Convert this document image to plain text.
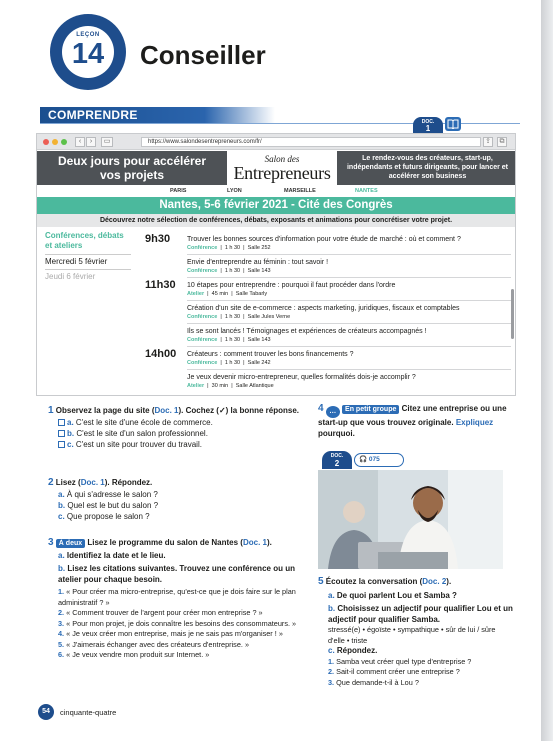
LEÇON
14	Conseiller
COMPRENDRE	DOC.
1
‹	›	▭	https://www.salondesentrepreneurs.com/fr/	⇪	⧉
Deux jours pour accélérer vos projets
Salon des
Entrepreneurs
Le rendez-vous des créateurs, start-up, indépendants et futurs dirigeants, pour lancer et accélérer son business
PARIS	LYON	MARSEILLE	NANTES
Nantes, 5-6 février 2021 - Cité des Congrès
Découvrez notre sélection de conférences, débats, exposants et animations pour concrétiser votre projet.
Conférences, débats et ateliers
Mercredi 5 février
Jeudi 6 février
9h30 Trouver les bonnes sources d'information pour votre étude de marché : où et comment ?
Conférence  |  1 h 30  |  Salle 252
Envie d'entreprendre au féminin : tout savoir !
Conférence  |  1 h 30  |  Salle 143
11h30 10 étapes pour entreprendre : pourquoi il faut procéder dans l'ordre
Atelier  |  45 min  |  Salle Tabarly
Création d'un site de e-commerce : aspects marketing, juridiques, fiscaux et comptables
Conférence  |  1 h 30  |  Salle Jules Verne
Ils se sont lancés ! Témoignages et expériences de créateurs accompagnés !
Conférence  |  1 h 30  |  Salle 143
14h00 Créateurs : comment trouver les bons financements ?
Conférence  |  1 h 30  |  Salle 242
Je veux devenir micro-entrepreneur, quelles formalités dois-je accomplir ?
Atelier  |  30 min  |  Salle Atlantique
1 Observez la page du site (Doc. 1). Cochez (✓) la bonne réponse.
a. C'est le site d'une école de commerce.
b. C'est le site d'un salon professionnel.
c. C'est un site pour trouver du travail.
2 Lisez (Doc. 1). Répondez.
a. À qui s'adresse le salon ?
b. Quel est le but du salon ?
c. Que propose le salon ?
3 À deux Lisez le programme du salon de Nantes (Doc. 1).
a. Identifiez la date et le lieu.
b. Lisez les citations suivantes. Trouvez une conférence ou un atelier pour chaque besoin.
1. « Pour créer ma micro-entreprise, qu'est-ce que je dois faire sur le plan administratif ? »
2. « Comment trouver de l'argent pour créer mon entreprise ? »
3. « Pour mon projet, je dois connaître les besoins des consommateurs. »
4. « Je veux créer mon entreprise, mais je ne sais pas m'organiser ! »
5. « J'aimerais échanger avec des créateurs d'entreprise. »
6. « Je veux vendre mon produit sur Internet. »
4 … En petit groupe Citez une entreprise ou une start-up que vous trouvez originale. Expliquez pourquoi.
DOC.
2	🎧 075
5 Écoutez la conversation (Doc. 2).
a. De quoi parlent Lou et Samba ?
b. Choisissez un adjectif pour qualifier Lou et un adjectif pour qualifier Samba.
stressé(e) • égoïste • sympathique • sûr de lui / sûre d'elle • triste
c. Répondez.
1. Samba veut créer quel type d'entreprise ?
2. Sait-il comment créer une entreprise ?
3. Que demande-t-il à Lou ?
54	cinquante-quatre
